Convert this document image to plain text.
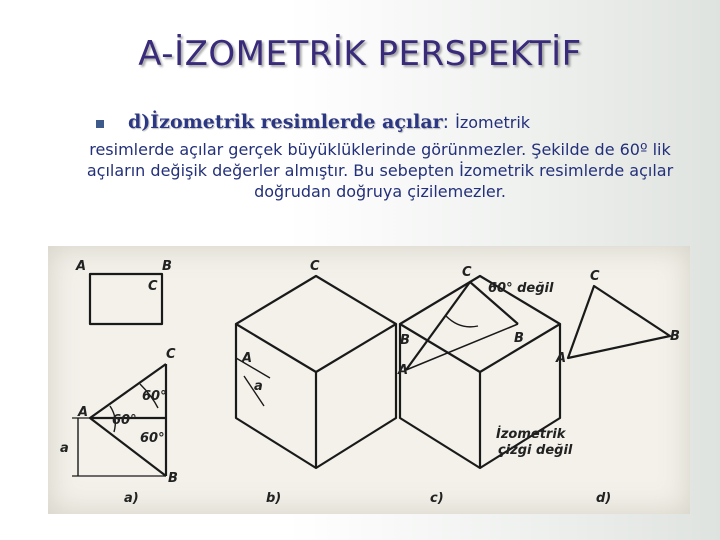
A-İZOMETRİK PERSPEKTİF
d)İzometrik resimlerde açılar: İzometrik
resimlerde açılar gerçek büyüklüklerinde görünmezler. Şekilde de 60º lik açıların değişik değerler almıştır. Bu sebepten İzometrik resimlerde açılar doğrudan doğruya çizilemezler.
A	B
C
A
B
C
a
60°
60°
60°
a)
C
B
A
a
b)
C
B
A
60° değil
İzometrik
çizgi değil
c)
C
B
A
d)
